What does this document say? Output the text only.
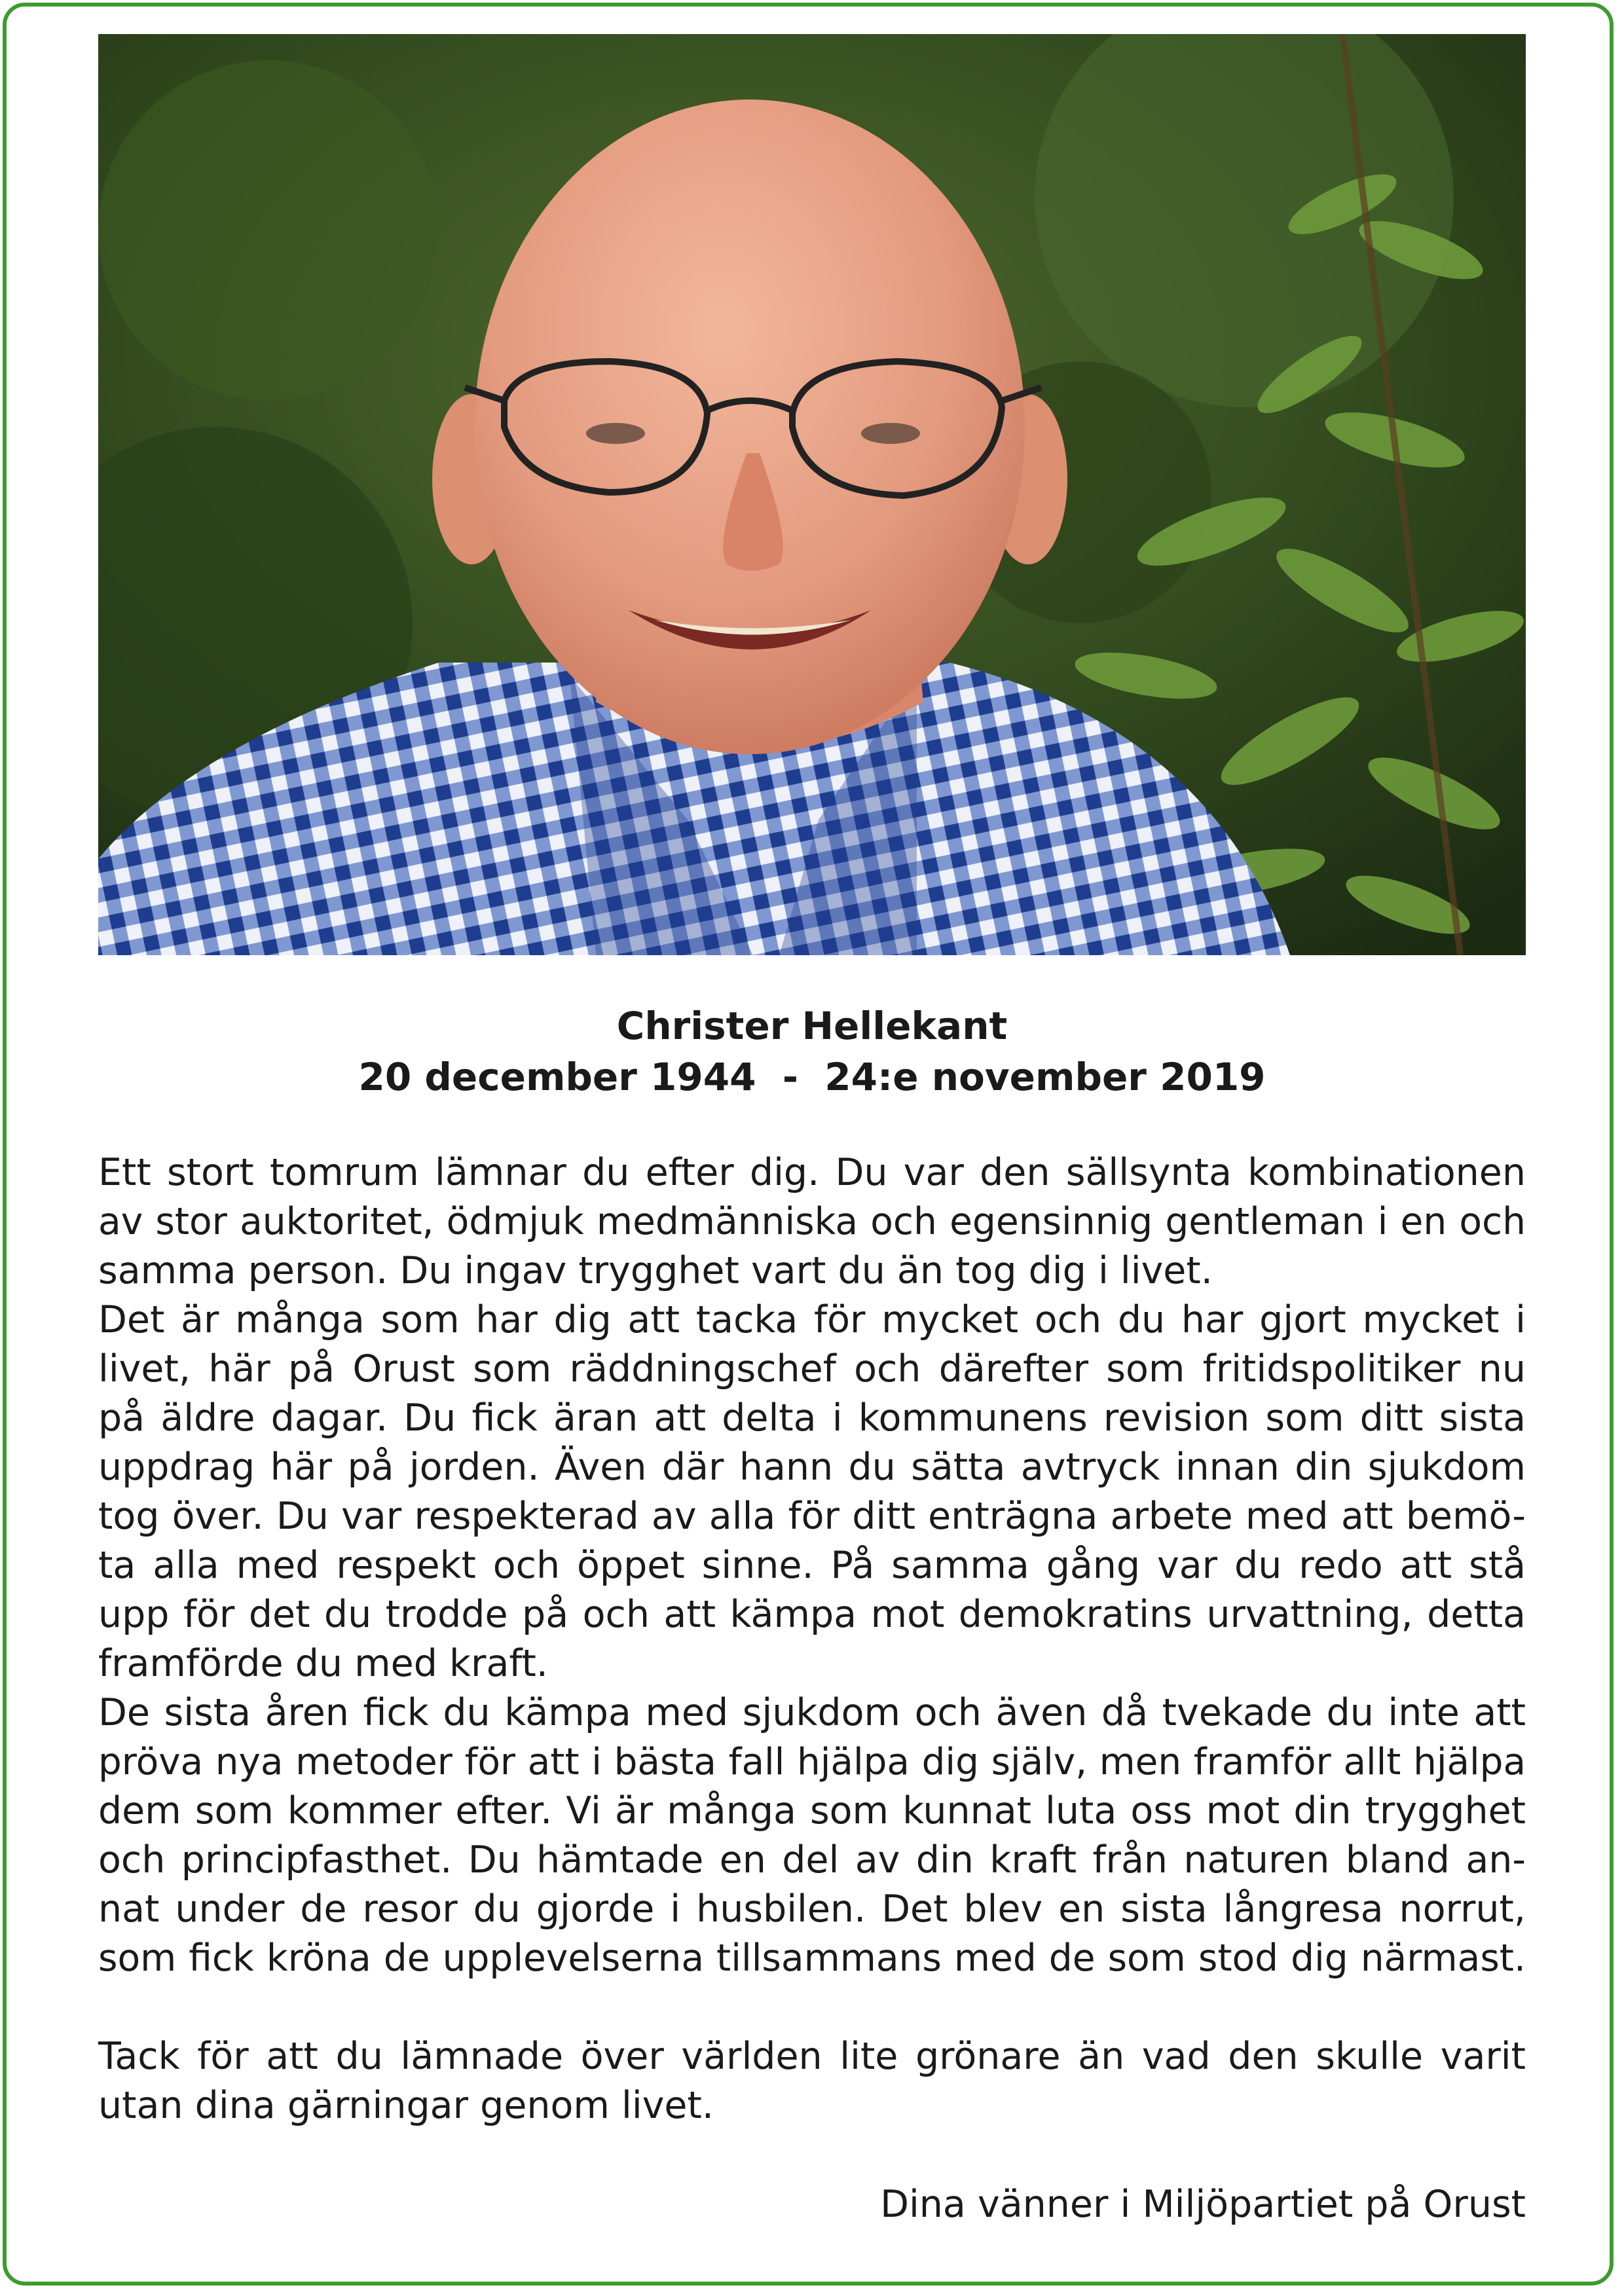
Christer Hellekant
20 december 1944  -  24:e november 2019
Ett stort tomrum lämnar du efter dig. Du var den sällsynta kombinationen
av stor auktoritet, ödmjuk medmänniska och egensinnig gentleman i en och
samma person. Du ingav trygghet vart du än tog dig i livet.
Det är många som har dig att tacka för mycket och du har gjort mycket i
livet, här på Orust som räddningschef och därefter som fritidspolitiker nu
på äldre dagar. Du fick äran att delta i kommunens revision som ditt sista
uppdrag här på jorden. Även där hann du sätta avtryck innan din sjukdom
tog över. Du var respekterad av alla för ditt enträgna arbete med att bemö-
ta alla med respekt och öppet sinne. På samma gång var du redo att stå
upp för det du trodde på och att kämpa mot demokratins urvattning, detta
framförde du med kraft.
De sista åren fick du kämpa med sjukdom och även då tvekade du inte att
pröva nya metoder för att i bästa fall hjälpa dig själv, men framför allt hjälpa
dem som kommer efter. Vi är många som kunnat luta oss mot din trygghet
och principfasthet. Du hämtade en del av din kraft från naturen bland an-
nat under de resor du gjorde i husbilen. Det blev en sista långresa norrut,
som fick kröna de upplevelserna tillsammans med de som stod dig närmast.
Tack för att du lämnade över världen lite grönare än vad den skulle varit
utan dina gärningar genom livet.
Dina vänner i Miljöpartiet på Orust
